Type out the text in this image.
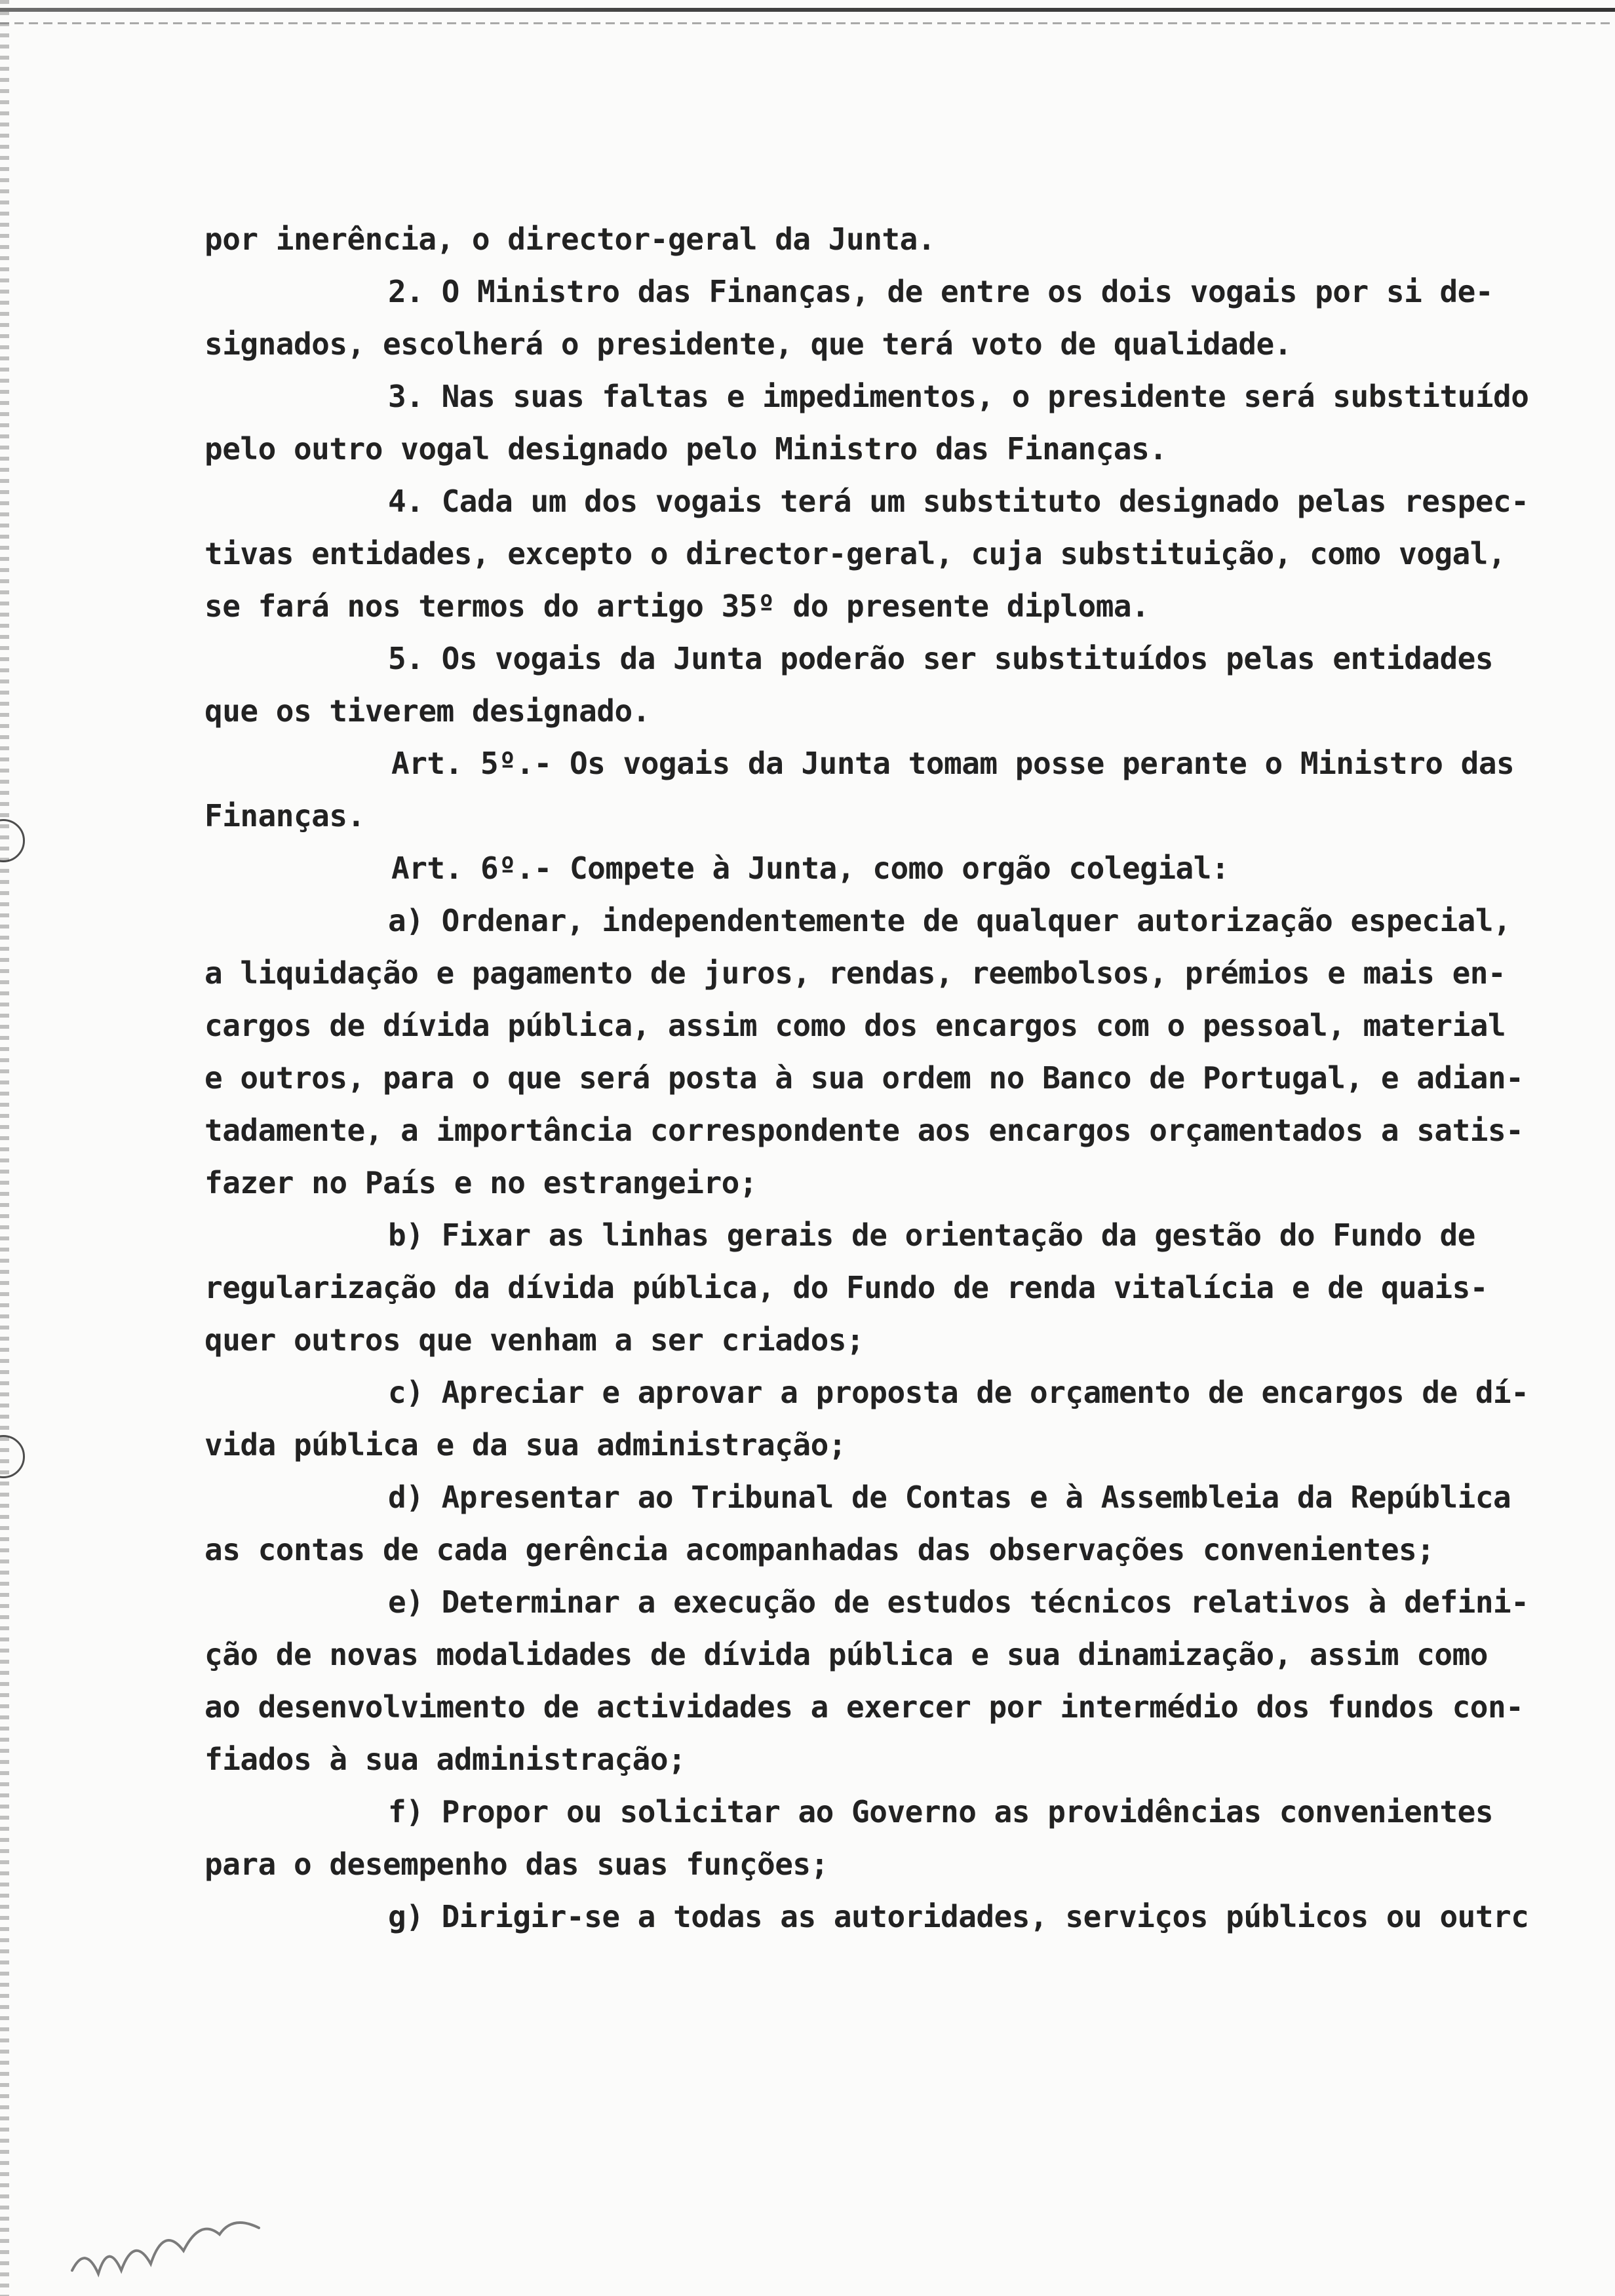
por inerência, o director-geral da Junta.
2. O Ministro das Finanças, de entre os dois vogais por si de-
signados, escolherá o presidente, que terá voto de qualidade.
3. Nas suas faltas e impedimentos, o presidente será substituído
pelo outro vogal designado pelo Ministro das Finanças.
4. Cada um dos vogais terá um substituto designado pelas respec-
tivas entidades, excepto o director-geral, cuja substituição, como vogal,
se fará nos termos do artigo 35º do presente diploma.
5. Os vogais da Junta poderão ser substituídos pelas entidades
que os tiverem designado.
Art. 5º.- Os vogais da Junta tomam posse perante o Ministro das
Finanças.
Art. 6º.- Compete à Junta, como orgão colegial:
a) Ordenar, independentemente de qualquer autorização especial,
a liquidação e pagamento de juros, rendas, reembolsos, prémios e mais en-
cargos de dívida pública, assim como dos encargos com o pessoal, material
e outros, para o que será posta à sua ordem no Banco de Portugal, e adian-
tadamente, a importância correspondente aos encargos orçamentados a satis-
fazer no País e no estrangeiro;
b) Fixar as linhas gerais de orientação da gestão do Fundo de
regularização da dívida pública, do Fundo de renda vitalícia e de quais-
quer outros que venham a ser criados;
c) Apreciar e aprovar a proposta de orçamento de encargos de dí-
vida pública e da sua administração;
d) Apresentar ao Tribunal de Contas e à Assembleia da República
as contas de cada gerência acompanhadas das observações convenientes;
e) Determinar a execução de estudos técnicos relativos à defini-
ção de novas modalidades de dívida pública e sua dinamização, assim como
ao desenvolvimento de actividades a exercer por intermédio dos fundos con-
fiados à sua administração;
f) Propor ou solicitar ao Governo as providências convenientes
para o desempenho das suas funções;
g) Dirigir-se a todas as autoridades, serviços públicos ou outrc
